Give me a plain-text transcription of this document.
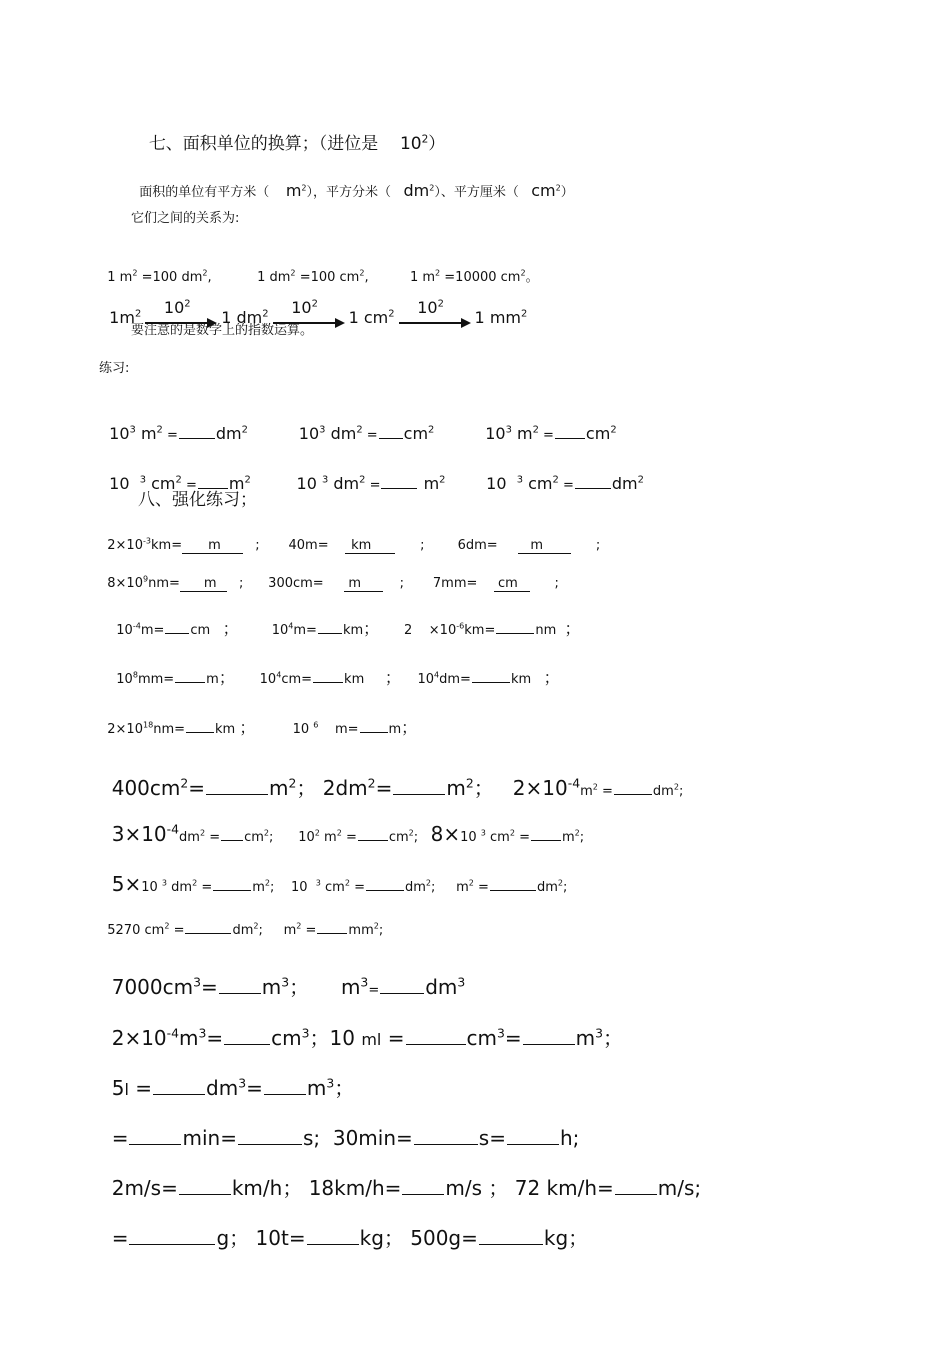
七、面积单位的换算；（进位是 $10^2$）

面积的单位有平方米（ $m^2$），平方分米（ $dm^2$）、平方厘米（ $cm^2$）

它们之间的关系为:

1 $m^2 =100$ $dm^2$,           1 $dm^2 =100$ $cm^2$,          1 $m^2 =10000$ $cm^2$。

$1m^2$	$10^2$
1 $dm^2$	$10^2$
1 $cm^2$	$10^2$
1 $mm^2$

要注意的是数学上的指数运算。
练习:

$10^3$ $m^2 = dm^2$	$10^3$ $dm^2 = cm^2$	$10^3$ $m^2 = cm^2$

10 $^3$ $cm^2 = m^2$	10 $^3$ $dm^2$ =	$m^2$	10 $^3$ $cm^2 = dm^2$

八、强化练习；

$2\times 10^{-3}km= m$	; 40m= km	;	6dm=	m	;

$8\times 10^9nm= m$ ; 300cm= m	; 7mm= cm	;

$10^{-4}m=$ cm ；	$10^4m=$ km； $2 \times 10^{-6}km=$	nm ；

$10^8mm= m$； $10^4cm=$ km ； $10^4dm=$	km ；

$2\times 10^{18}nm=$ km ；	10 $^6$ m= m；

$400cm^2=$	$m^2$； $2dm^2=$	$m^2$； $2\times 10^{-4}m^2$ =	$dm^2$;

$3\times 10^{-4}dm^2 = cm^2$; $10^2$ $m^2 = cm^2$; 8×10 $^3$ $cm^2 = m^2$;

5×10 $^3$ $dm^2$ =	$m^2$; 10 $^3$ $cm^2$ =	$dm^2$; $m^2$ =	$dm^2$;

5270 $cm^2$ =	$dm^2$; $m^2 = mm^2$;

$7000cm^3= m^3$； $m^3= dm^3$

$2\times 10^{-4}m^3= cm^3$；10 ml =	$cm^3=$	$m^3$；

5l =	$dm^3= m^3$；

=	min=	s; 30min=	s=	h;

2m/s=	km/h； 18km/h= m/s ； 72 km/h= m/s;

=	g； 10t=	kg； 500g=	kg；
